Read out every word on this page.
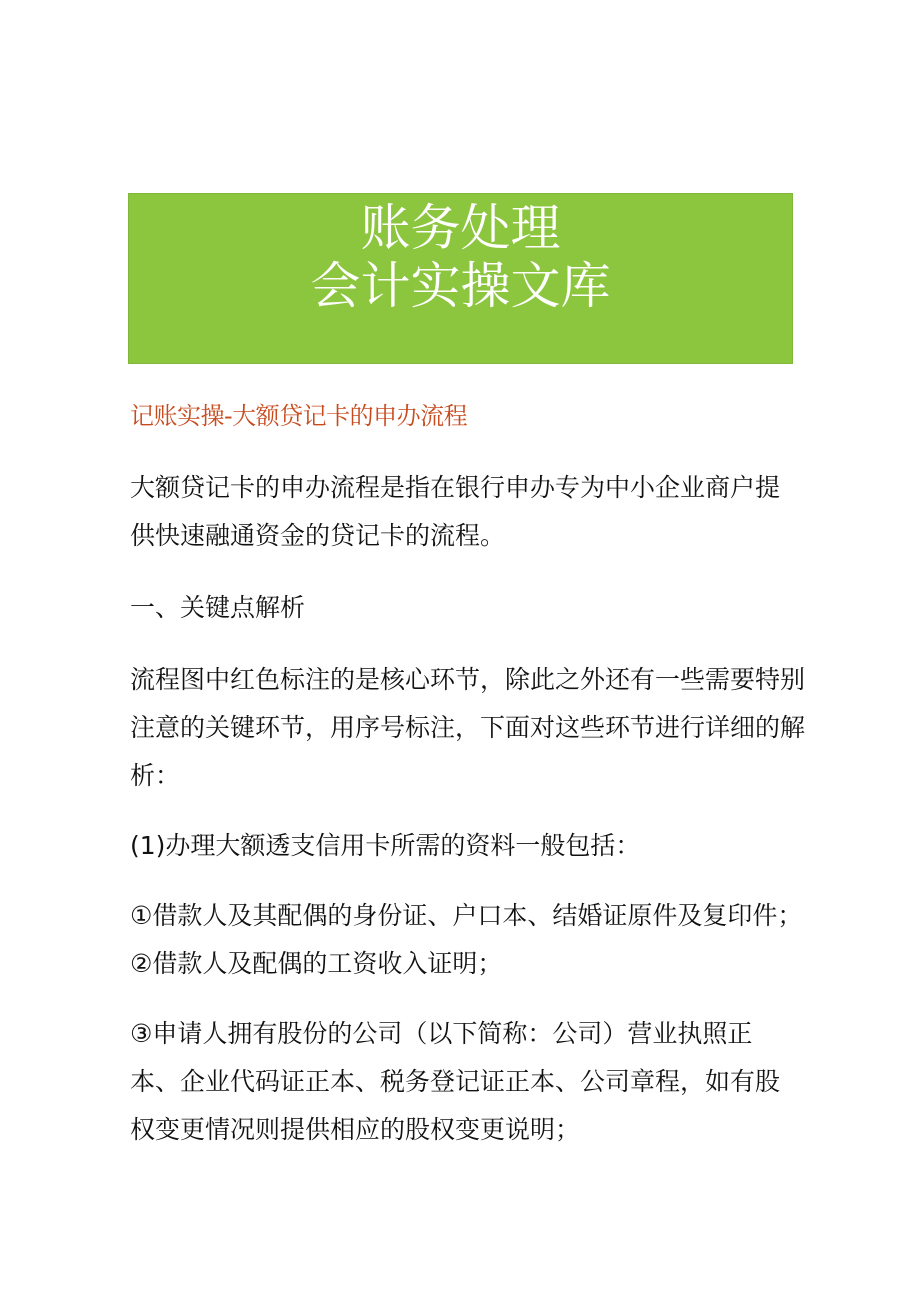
账务处理
会计实操文库
记账实操-大额贷记卡的申办流程
大额贷记卡的申办流程是指在银行申办专为中小企业商户提
供快速融通资金的贷记卡的流程。
一、关键点解析
流程图中红色标注的是核心环节，除此之外还有一些需要特别
注意的关键环节，用序号标注，下面对这些环节进行详细的解
析：
(1)办理大额透支信用卡所需的资料一般包括：
①借款人及其配偶的身份证、户口本、结婚证原件及复印件；
②借款人及配偶的工资收入证明；
③申请人拥有股份的公司（以下简称：公司）营业执照正
本、企业代码证正本、税务登记证正本、公司章程，如有股
权变更情况则提供相应的股权变更说明；
